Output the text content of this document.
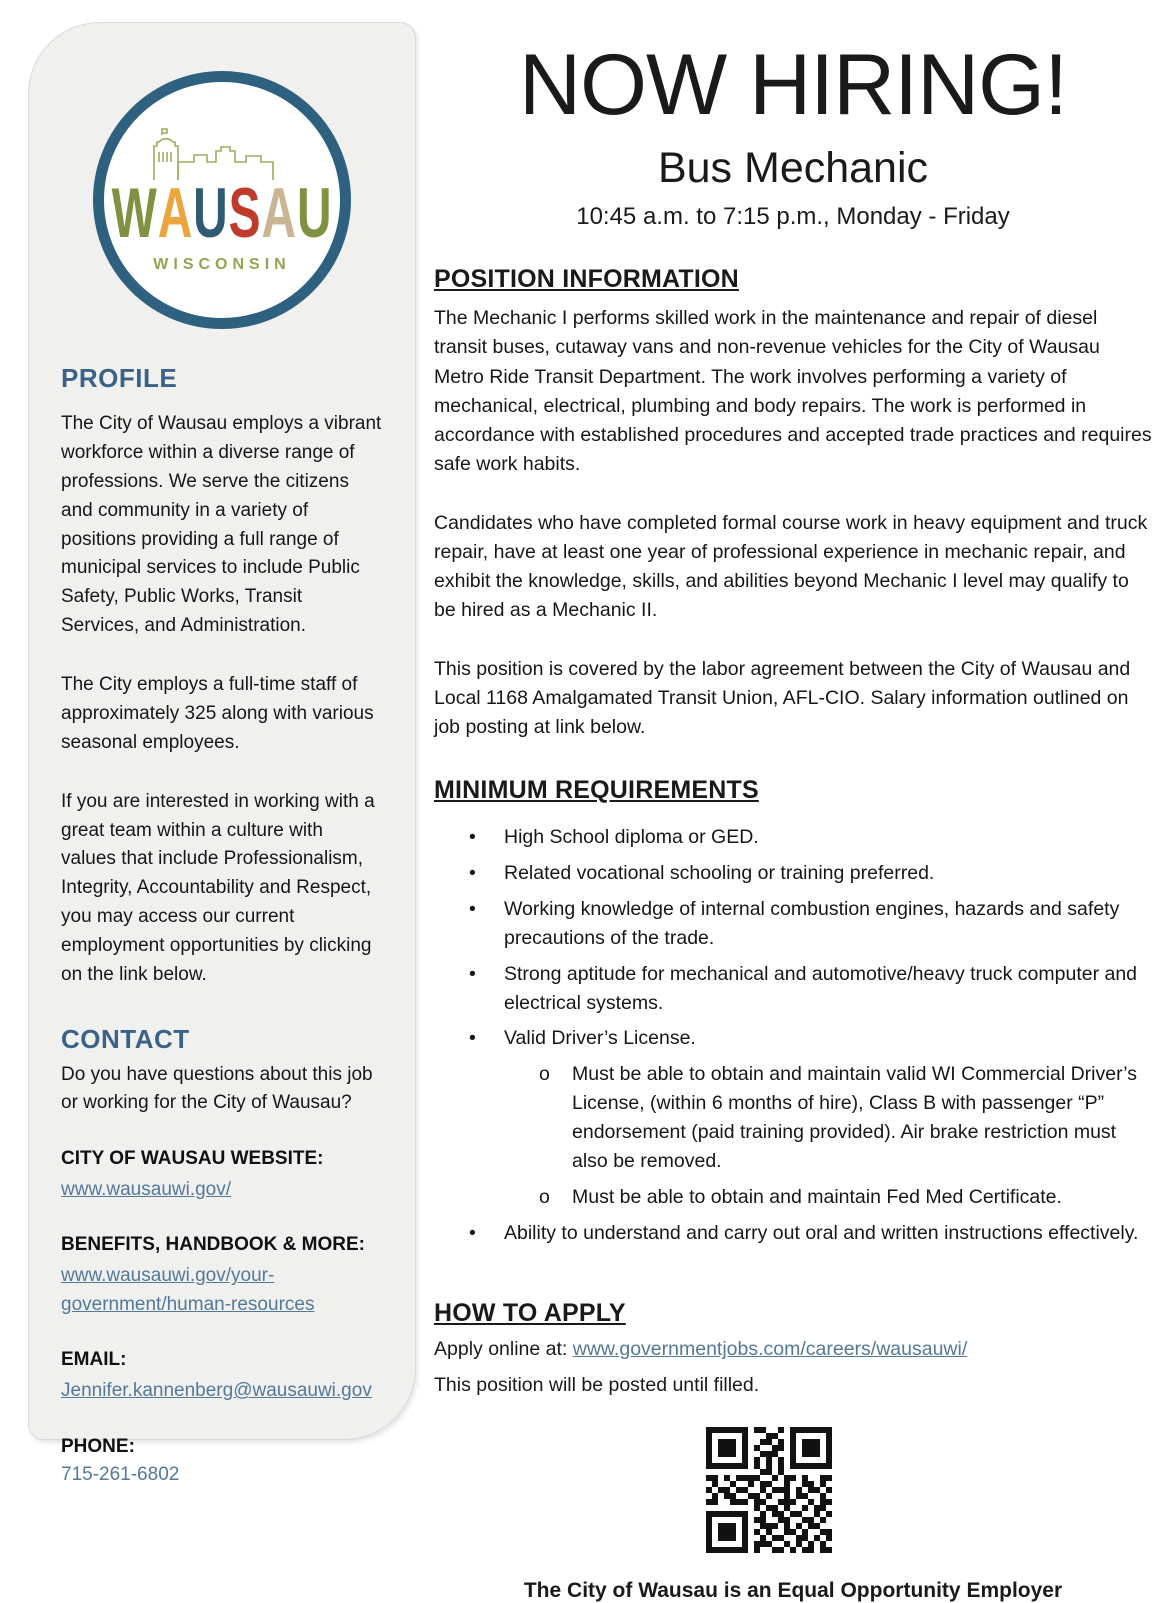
W A U S A U
WISCONSIN
PROFILE

The City of Wausau employs a vibrant workforce within a diverse range of professions. We serve the citizens and community in a variety of positions providing a full range of municipal services to include Public Safety, Public Works, Transit Services, and Administration.

The City employs a full-time staff of approximately 325 along with various seasonal employees.

If you are interested in working with a great team within a culture with values that include Professionalism, Integrity, Accountability and Respect, you may access our current employment opportunities by clicking on the link below.

CONTACT
Do you have questions about this job or working for the City of Wausau?
CITY OF WAUSAU WEBSITE:
www.wausauwi.gov/
BENEFITS, HANDBOOK & MORE:
www.wausauwi.gov/your-government/human-resources
EMAIL:
Jennifer.kannenberg@wausauwi.gov
PHONE:
715-261-6802
NOW HIRING!
Bus Mechanic
10:45 a.m. to 7:15 p.m., Monday - Friday
POSITION INFORMATION

The Mechanic I performs skilled work in the maintenance and repair of diesel transit buses, cutaway vans and non-revenue vehicles for the City of Wausau Metro Ride Transit Department. The work involves performing a variety of mechanical, electrical, plumbing and body repairs. The work is performed in accordance with established procedures and accepted trade practices and requires safe work habits.

Candidates who have completed formal course work in heavy equipment and truck repair, have at least one year of professional experience in mechanic repair, and exhibit the knowledge, skills, and abilities beyond Mechanic I level may qualify to be hired as a Mechanic II.

This position is covered by the labor agreement between the City of Wausau and Local 1168 Amalgamated Transit Union, AFL-CIO. Salary information outlined on job posting at link below.

MINIMUM REQUIREMENTS
•	High School diploma or GED.
•	Related vocational schooling or training preferred.
•	Working knowledge of internal combustion engines, hazards and safety precautions of the trade.
•	Strong aptitude for mechanical and automotive/heavy truck computer and electrical systems.
•	Valid Driver’s License.
o	Must be able to obtain and maintain valid WI Commercial Driver’s License, (within 6 months of hire), Class B with passenger “P” endorsement (paid training provided). Air brake restriction must also be removed.
o	Must be able to obtain and maintain Fed Med Certificate.
•	Ability to understand and carry out oral and written instructions effectively.
HOW TO APPLY
Apply online at: www.governmentjobs.com/careers/wausauwi/
This position will be posted until filled.
The City of Wausau is an Equal Opportunity Employer
